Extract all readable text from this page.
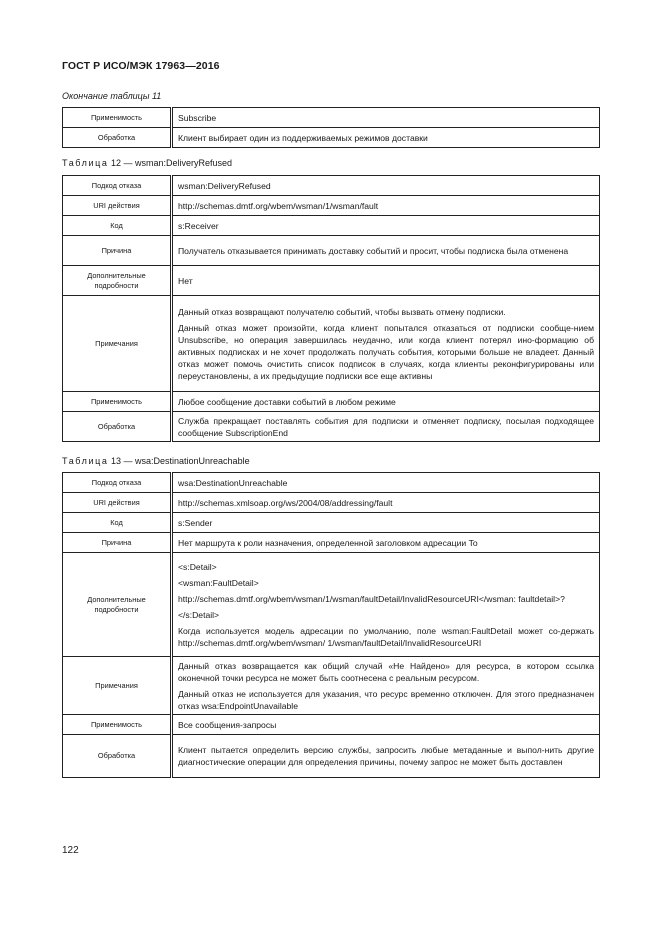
ГОСТ Р ИСО/МЭК 17963—2016
Окончание таблицы 11
Применимость	Subscribe
Обработка	Клиент выбирает один из поддерживаемых режимов доставки
Таблица 12 — wsman:DeliveryRefused
Подкод отказа	wsman:DeliveryRefused
URI действия	http://schemas.dmtf.org/wbem/wsman/1/wsman/fault
Код	s:Receiver
Причина	Получатель отказывается принимать доставку событий и просит, чтобы подписка была отменена
Дополнительные подробности	Нет
Примечания	Данный отказ возвращают получателю событий, чтобы вызвать отмену подписки.

Данный отказ может произойти, когда клиент попытался отказаться от подписки сообще-нием Unsubscribe, но операция завершилась неудачно, или когда клиент потерял ино-формацию об активных подписках и не хочет продолжать получать события, которыми больше не владеет. Данный отказ может помочь очистить список подписок в случаях, когда клиенты реконфигурированы или переустановлены, а их предыдущие подписки все еще активны

Применимость	Любое сообщение доставки событий в любом режиме
Обработка	Служба прекращает поставлять события для подписки и отменяет подписку, посылая подходящее сообщение SubscriptionEnd
Таблица 13 — wsa:DestinationUnreachable
Подкод отказа	wsa:DestinationUnreachable
URI действия	http://schemas.xmlsoap.org/ws/2004/08/addressing/fault
Код	s:Sender
Причина	Нет маршрута к роли назначения, определенной заголовком адресации To
Дополнительные подробности	<s:Detail>

<wsman:FaultDetail>

http://schemas.dmtf.org/wbem/wsman/1/wsman/faultDetail/InvalidResourceURI</wsman: faultdetail>?

</s:Detail>

Когда используется модель адресации по умолчанию, поле wsman:FaultDetail может со-держать http://schemas.dmtf.org/wbem/wsman/ 1/wsman/faultDetail/InvalidResourceURI

Примечания	Данный отказ возвращается как общий случай «Не Найдено» для ресурса, в котором ссылка оконечной точки ресурса не может быть соотнесена с реальным ресурсом.

Данный отказ не используется для указания, что ресурс временно отключен. Для этого предназначен отказ wsa:EndpointUnavailable

Применимость	Все сообщения-запросы
Обработка	Клиент пытается определить версию службы, запросить любые метаданные и выпол-нить другие диагностические операции для определения причины, почему запрос не может быть доставлен
122
